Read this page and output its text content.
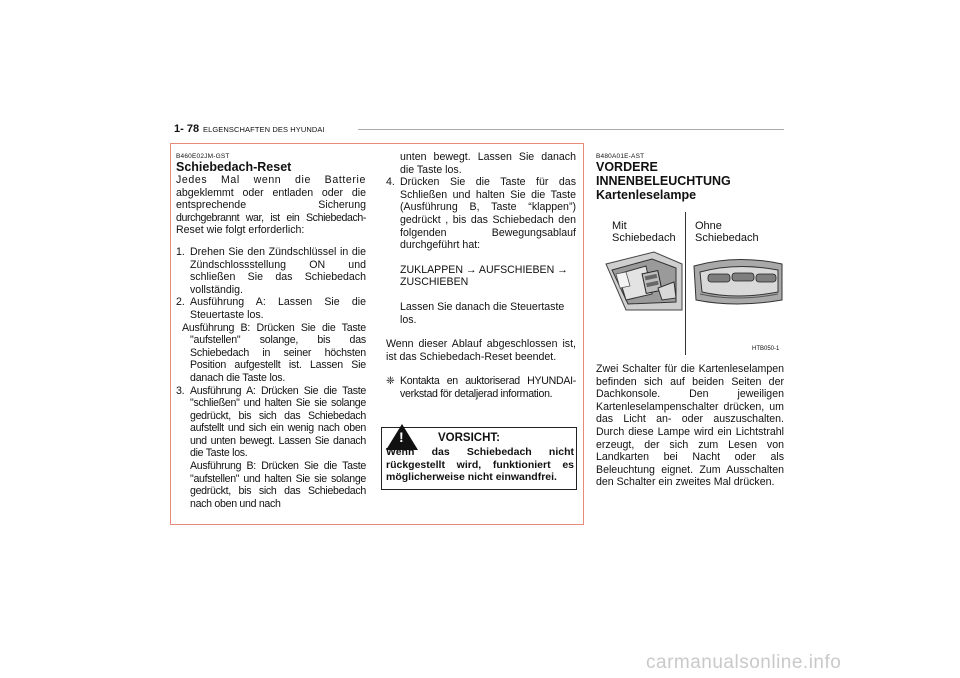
1- 78 ELGENSCHAFTEN DES HYUNDAI
B460E02JM-GST
Schiebedach-Reset
Jedes Mal wenn die Batterie
abgeklemmt oder entladen oder die
entsprechende Sicherung
durchgebrannt war, ist ein Schiebedach-
Reset wie folgt erforderlich:
1. Drehen Sie den Zündschlüssel in die Zündschlossstellung ON und schließen Sie das Schiebedach vollständig.
2. Ausführung A: Lassen Sie die Steuertaste los.
Ausführung B: Drücken Sie die Taste "aufstellen" solange, bis das Schiebedach in seiner höchsten Position aufgestellt ist. Lassen Sie danach die Taste los.
3. Ausführung A: Drücken Sie die Taste "schließen" und halten Sie sie solange gedrückt, bis sich das Schiebedach aufstellt und sich ein wenig nach oben und unten bewegt. Lassen Sie danach die Taste los.
Ausführung B: Drücken Sie die Taste "aufstellen" und halten Sie sie solange gedrückt, bis sich das Schiebedach nach oben und nach
unten bewegt. Lassen Sie danach die Taste los.
4. Drücken Sie die Taste für das Schließen und halten Sie die Taste (Ausführung B, Taste “klappen”) gedrückt , bis das Schiebedach den folgenden Bewegungsablauf durchgeführt hat:
ZUKLAPPEN → AUFSCHIEBEN → ZUSCHIEBEN
Lassen Sie danach die Steuertaste los.
Wenn dieser Ablauf abgeschlossen ist, ist das Schiebedach-Reset beendet.
❈ Kontakta en auktoriserad HYUNDAI-verkstad för detaljerad information.
!	VORSICHT:
Wenn das Schiebedach nicht rückgestellt wird, funktioniert es möglicherweise nicht einwandfrei.
B480A01E-AST
VORDERE
INNENBELEUCHTUNG
Kartenleselampe
Mit
Schiebedach
Ohne
Schiebedach
HTB050-1
Zwei Schalter für die Kartenleselampen befinden sich auf beiden Seiten der Dachkonsole. Den jeweiligen Kartenleselampenschalter drücken, um das Licht an- oder auszuschalten. Durch diese Lampe wird ein Lichtstrahl erzeugt, der sich zum Lesen von Landkarten bei Nacht oder als Beleuchtung eignet. Zum Ausschalten den Schalter ein zweites Mal drücken.
carmanualsonline.info
